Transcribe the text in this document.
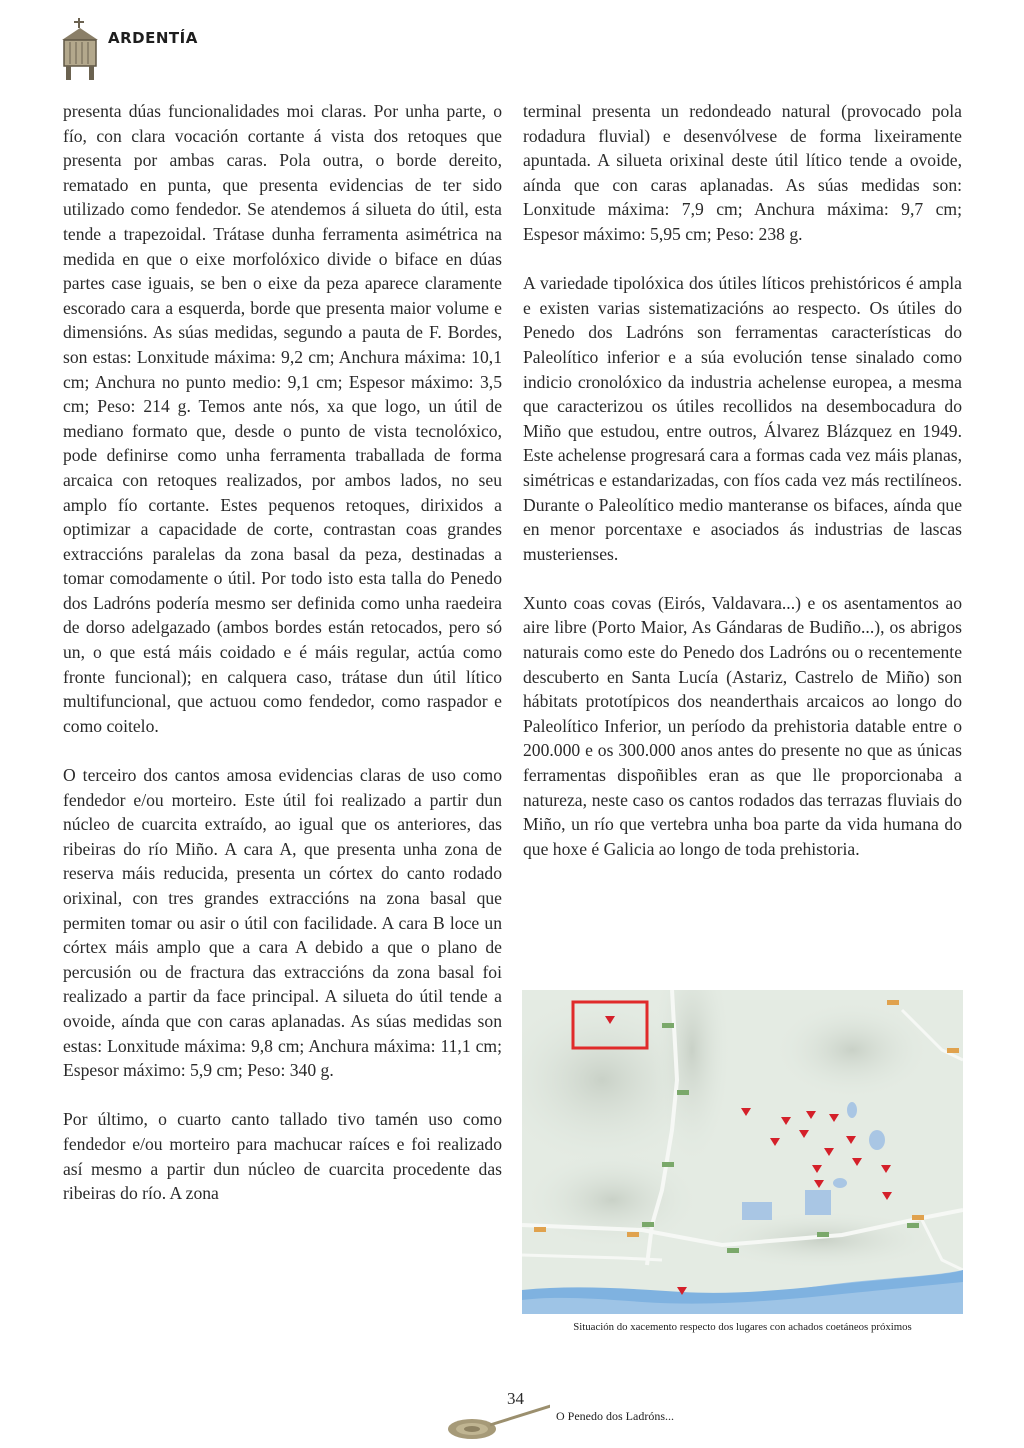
ARDENTÍA

presenta dúas funcionalidades moi claras. Por unha parte, o fío, con clara vocación cortante á vista dos retoques que presenta por ambas caras. Pola outra, o borde dereito, rematado en punta, que presenta evidencias de ter sido utilizado como fendedor. Se atendemos á silueta do útil, esta tende a trapezoidal. Trátase dunha ferramenta asimétrica na medida en que o eixe morfolóxico divide o biface en dúas partes case iguais, se ben o eixe da peza aparece claramente escorado cara a esquerda, borde que presenta maior volume e dimensións. As súas medidas, segundo a pauta de F. Bordes, son estas: Lonxitude máxima: 9,2 cm; Anchura máxima: 10,1 cm; Anchura no punto medio: 9,1 cm; Espesor máximo: 3,5 cm; Peso: 214 g. Temos ante nós, xa que logo, un útil de mediano formato que, desde o punto de vista tecnolóxico, pode definirse como unha ferramenta traballada de forma arcaica con retoques realizados, por ambos lados, no seu amplo fío cortante. Estes pequenos retoques, dirixidos a optimizar a capacidade de corte, contrastan coas grandes extraccións paralelas da zona basal da peza, destinadas a tomar comodamente o útil. Por todo isto esta talla do Penedo dos Ladróns podería mesmo ser definida como unha raedeira de dorso adelgazado (ambos bordes están retocados, pero só un, o que está máis coidado e é máis regular, actúa como fronte funcional); en calquera caso, trátase dun útil lítico multifuncional, que actuou como fendedor, como raspador e como coitelo.

O terceiro dos cantos amosa evidencias claras de uso como fendedor e/ou morteiro. Este útil foi realizado a partir dun núcleo de cuarcita extraído, ao igual que os anteriores, das ribeiras do río Miño. A cara A, que presenta unha zona de reserva máis reducida, presenta un córtex do canto rodado orixinal, con tres grandes extraccións na zona basal que permiten tomar ou asir o útil con facilidade. A cara B loce un córtex máis amplo que a cara A debido a que o plano de percusión ou de fractura das extraccións da zona basal foi realizado a partir da face principal. A silueta do útil tende a ovoide, aínda que con caras aplanadas. As súas medidas son estas: Lonxitude máxima: 9,8 cm; Anchura máxima: 11,1 cm; Espesor máximo: 5,9 cm; Peso: 340 g.

Por último, o cuarto canto tallado tivo tamén uso como fendedor e/ou morteiro para machucar raíces e foi realizado así mesmo a partir dun núcleo de cuarcita procedente das ribeiras do río. A zona

terminal presenta un redondeado natural (provocado pola rodadura fluvial) e desenvólvese de forma lixeiramente apuntada. A silueta orixinal deste útil lítico tende a ovoide, aínda que con caras aplanadas. As súas medidas son: Lonxitude máxima: 7,9 cm; Anchura máxima: 9,7 cm; Espesor máximo: 5,95 cm; Peso: 238 g.

A variedade tipolóxica dos útiles líticos prehistóricos é ampla e existen varias sistematizacións ao respecto. Os útiles do Penedo dos Ladróns son ferramentas características do Paleolítico inferior e a súa evolución tense sinalado como indicio cronolóxico da industria achelense europea, a mesma que caracterizou os útiles recollidos na desembocadura do Miño que estudou, entre outros, Álvarez Blázquez en 1949. Este achelense progresará cara a formas cada vez máis planas, simétricas e estandarizadas, con fíos cada vez más rectilíneos. Durante o Paleolítico medio manteranse os bifaces, aínda que en menor porcentaxe e asociados ás industrias de lascas musterienses.

Xunto coas covas (Eirós, Valdavara...) e os asentamentos ao aire libre (Porto Maior, As Gándaras de Budiño...), os abrigos naturais como este do Penedo dos Ladróns ou o recentemente descuberto en Santa Lucía (Astariz, Castrelo de Miño) son hábitats prototípicos dos neanderthais arcaicos ao longo do Paleolítico Inferior, un período da prehistoria datable entre o 200.000 e os 300.000 anos antes do presente no que as únicas ferramentas dispoñibles eran as que lle proporcionaba a natureza, neste caso os cantos rodados das terrazas fluviais do Miño, un río que vertebra unha boa parte da vida humana do que hoxe é Galicia ao longo de toda prehistoria.

Situación do xacemento respecto dos lugares con achados coetáneos próximos
34
O Penedo dos Ladróns...
